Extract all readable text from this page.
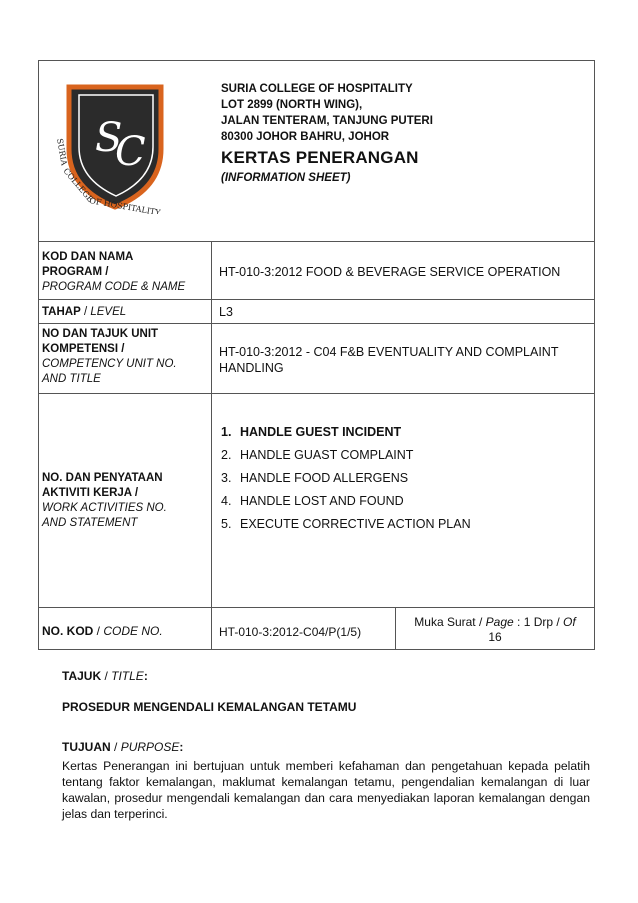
S
C
SURIA
COLLEGE
OF HOSPITALITY
SURIA COLLEGE OF HOSPITALITY
LOT 2899 (NORTH WING),
JALAN TENTERAM, TANJUNG PUTERI
80300 JOHOR BAHRU, JOHOR
KERTAS PENERANGAN
(INFORMATION SHEET)
KOD DAN NAMA
PROGRAM /
PROGRAM CODE & NAME
HT-010-3:2012 FOOD & BEVERAGE SERVICE OPERATION
TAHAP / LEVEL	L3
NO DAN TAJUK UNIT
KOMPETENSI /
COMPETENCY UNIT NO.
AND TITLE
HT-010-3:2012 - C04 F&B EVENTUALITY AND COMPLAINT
HANDLING
NO. DAN PENYATAAN
AKTIVITI KERJA /
WORK ACTIVITIES NO.
AND STATEMENT
1. HANDLE GUEST INCIDENT
2. HANDLE GUAST COMPLAINT
3. HANDLE FOOD ALLERGENS
4. HANDLE LOST AND FOUND
5. EXECUTE CORRECTIVE ACTION PLAN
NO. KOD / CODE NO.	HT-010-3:2012-C04/P(1/5)
Muka Surat / Page : 1 Drp / Of
16
TAJUK / TITLE:
PROSEDUR MENGENDALI KEMALANGAN TETAMU
TUJUAN / PURPOSE:
Kertas Penerangan ini bertujuan untuk memberi kefahaman dan pengetahuan kepada pelatih tentang faktor kemalangan, maklumat kemalangan tetamu, pengendalian kemalangan di luar kawalan, prosedur mengendali kemalangan dan cara menyediakan laporan kemalangan dengan jelas dan terperinci.
